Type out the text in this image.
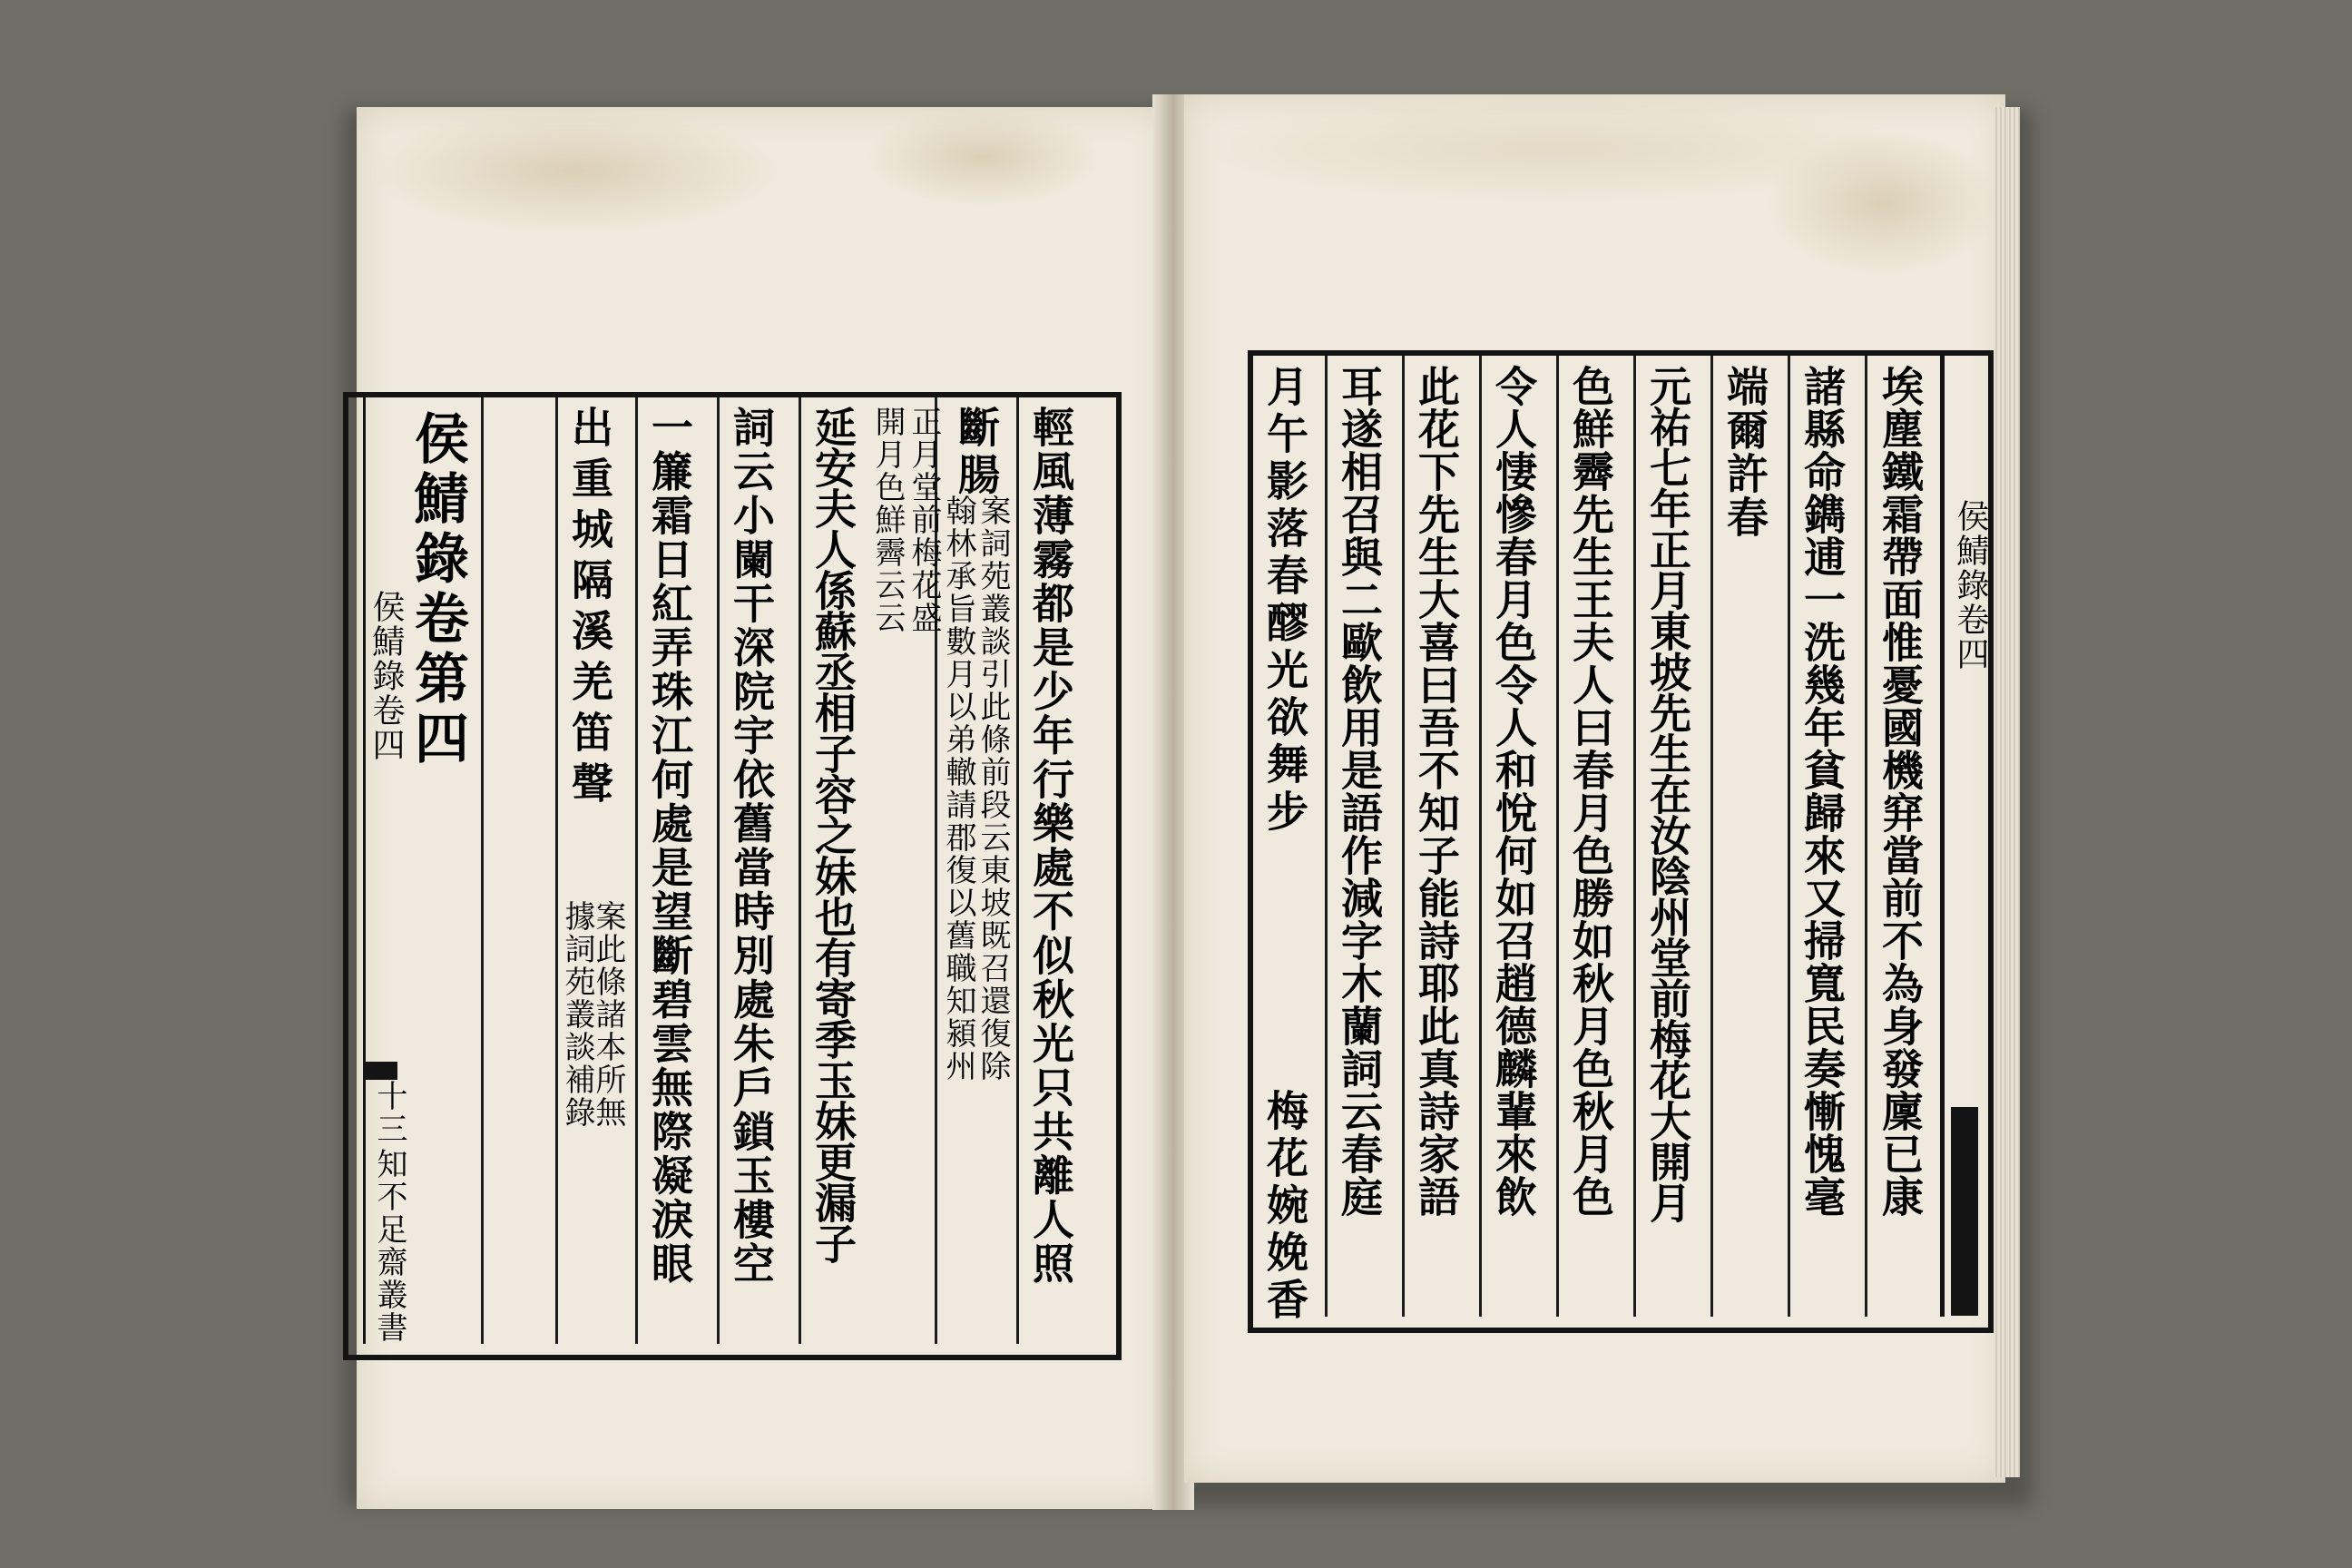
侯鯖錄卷四
十三
知不足齋叢書
侯鯖錄卷第四	輕風薄霧都是少年行樂處不似秋光只共離人照
斷腸
案詞苑叢談引此條前段云東坡既召還復除
翰林承旨數月以弟轍請郡復以舊職知潁州
正月堂前梅花盛
開月色鮮霽云云
延安夫人係蘇丞相子容之妹也有寄季玉妹更漏子
詞云小闌干深院宇依舊當時別處朱戶鎖玉樓空
一簾霜日紅弄珠江何處是望斷碧雲無際凝淚眼
出重城隔溪羌笛聲
案此條諸本所無
據詞苑叢談補錄
侯鯖錄卷四
埃塵鐵霜帶面惟憂國機穽當前不為身發廩已康
諸縣命鐫逋一洗幾年貧歸來又掃寬民奏慚愧毫
端爾許春
元祐七年正月東坡先生在汝陰州堂前梅花大開月
色鮮霽先生王夫人曰春月色勝如秋月色秋月色
令人悽慘春月色令人和悅何如召趙德麟輩來飲
此花下先生大喜曰吾不知子能詩耶此真詩家語
耳遂相召與二歐飲用是語作減字木蘭詞云春庭
月午影落春醪光欲舞步
梅花婉娩香
